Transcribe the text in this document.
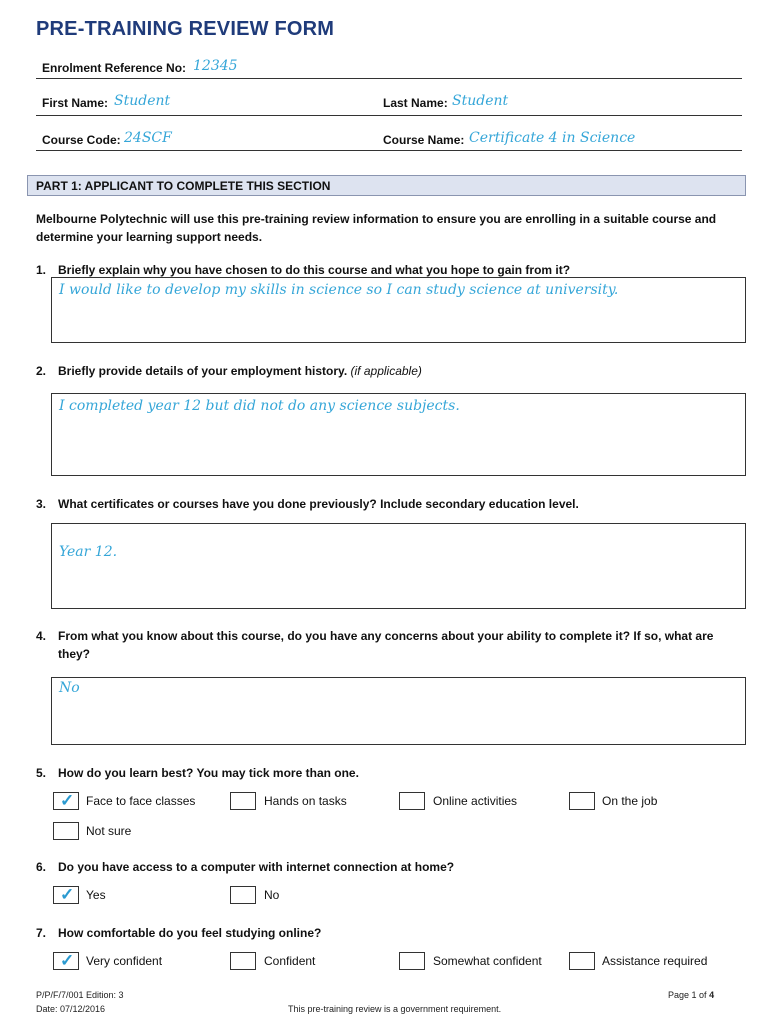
PRE-TRAINING REVIEW FORM
Enrolment Reference No: 12345
First Name: Student	Last Name: Student
Course Code: 24SCF	Course Name: Certificate 4 in Science
PART 1: APPLICANT TO COMPLETE THIS SECTION
Melbourne Polytechnic will use this pre-training review information to ensure you are enrolling in a suitable course and determine your learning support needs.
1. Briefly explain why you have chosen to do this course and what you hope to gain from it?
I would like to develop my skills in science so I can study science at university.
2. Briefly provide details of your employment history. (if applicable)
I completed year 12 but did not do any science subjects.
3. What certificates or courses have you done previously? Include secondary education level.
Year 12.
4. From what you know about this course, do you have any concerns about your ability to complete it? If so, what are they?
No
5. How do you learn best? You may tick more than one.
✓ Face to face classes	Hands on tasks	Online activities	On the job
Not sure
6. Do you have access to a computer with internet connection at home?
✓ Yes	No
7. How comfortable do you feel studying online?
✓ Very confident	Confident	Somewhat confident	Assistance required
P/P/F/7/001 Edition: 3
Date: 07/12/2016	This pre-training review is a government requirement.
Page 1 of 4
